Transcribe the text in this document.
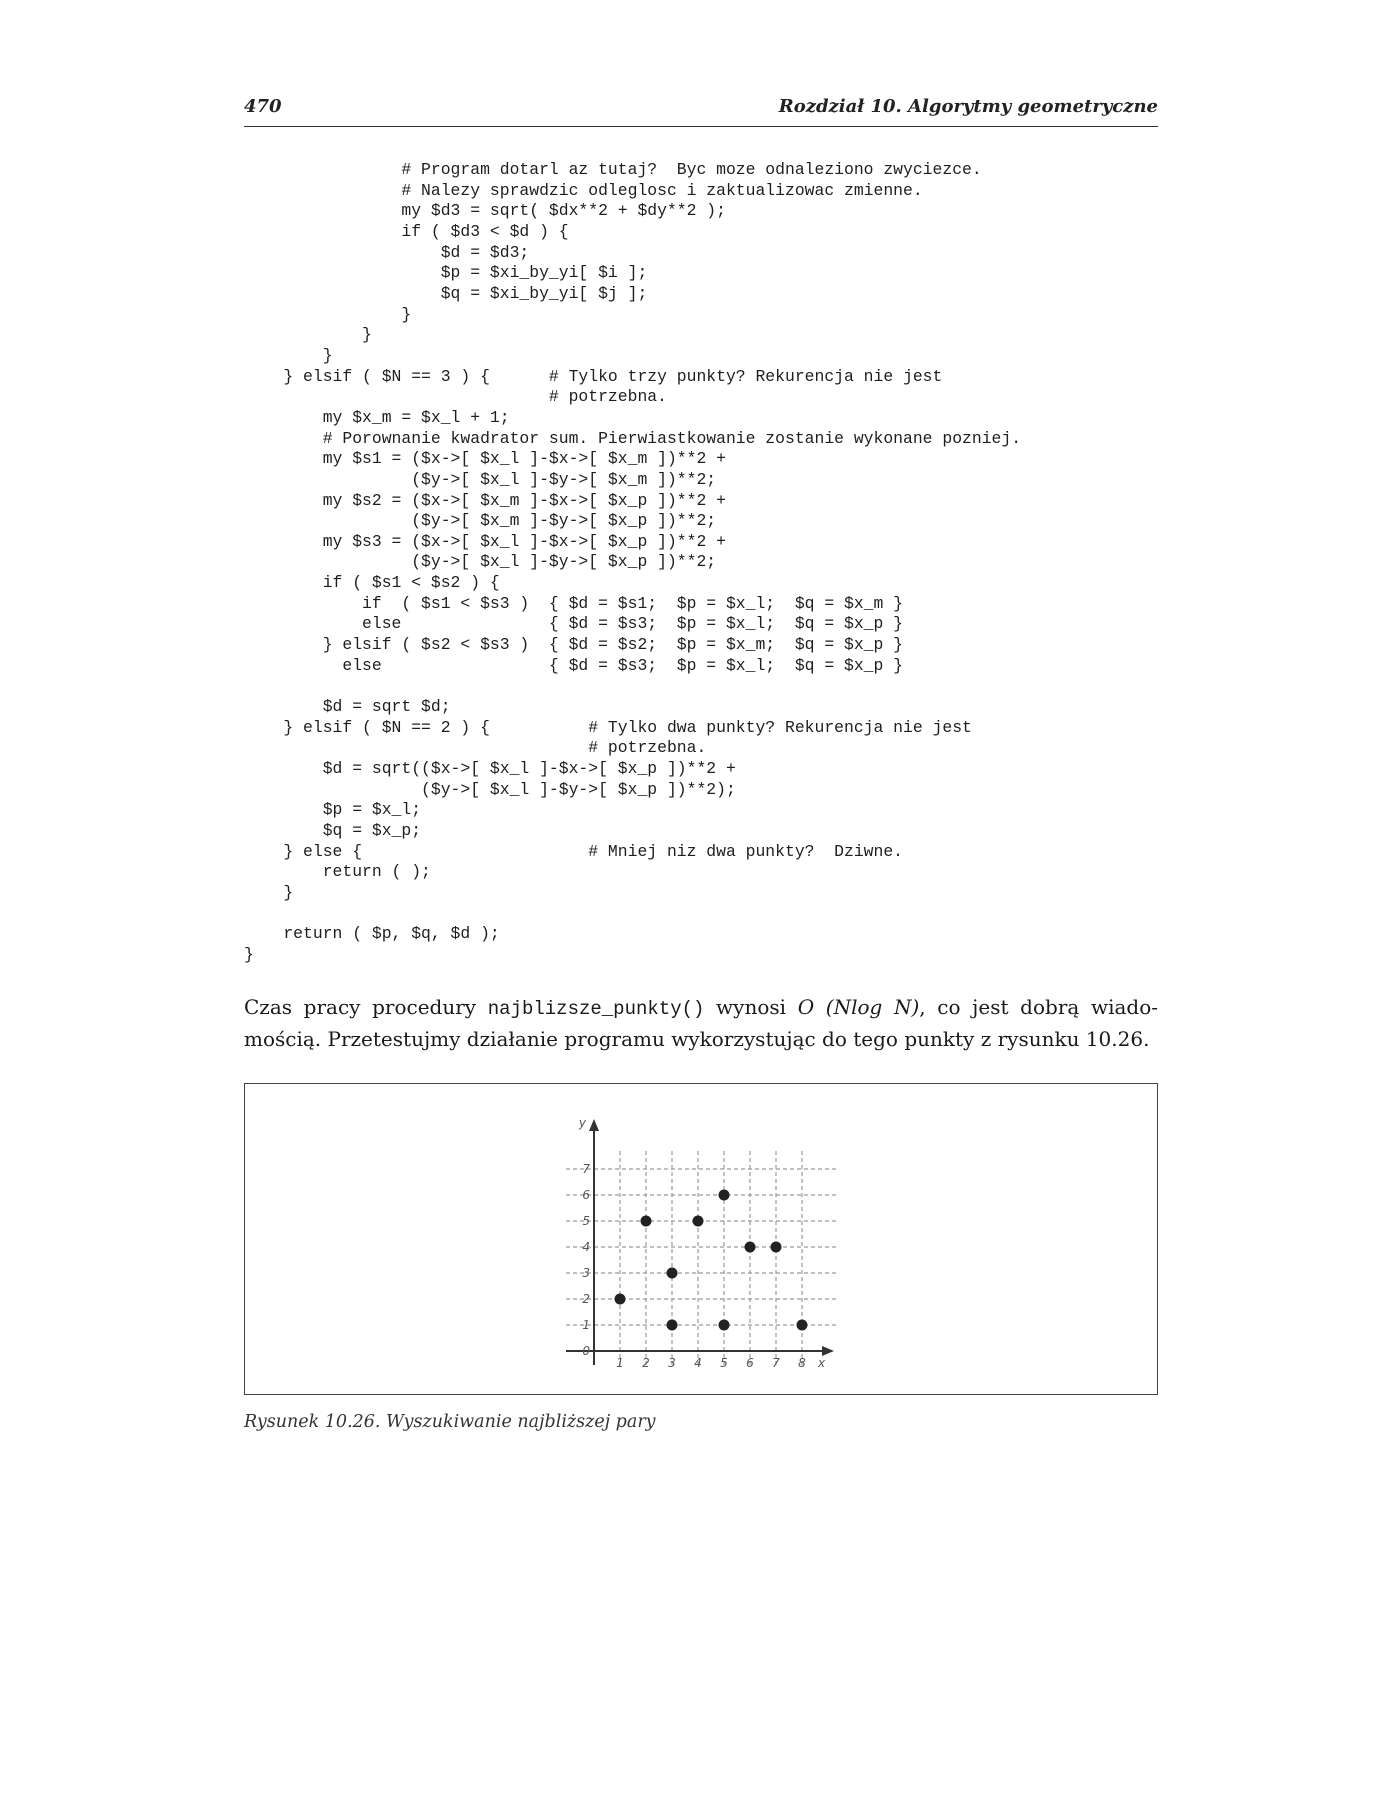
470	Rozdział 10. Algorytmy geometryczne
# Program dotarl az tutaj?  Byc moze odnaleziono zwyciezce.
# Nalezy sprawdzic odleglosc i zaktualizowac zmienne.
my $d3 = sqrt( $dx**2 + $dy**2 );
if ( $d3 < $d ) {
$d = $d3;
$p = $xi_by_yi[ $i ];
$q = $xi_by_yi[ $j ];
}
}
}
} elsif ( $N == 3 ) {      # Tylko trzy punkty? Rekurencja nie jest
# potrzebna.
my $x_m = $x_l + 1;
# Porownanie kwadrator sum. Pierwiastkowanie zostanie wykonane pozniej.
my $s1 = ($x->[ $x_l ]-$x->[ $x_m ])**2 +
($y->[ $x_l ]-$y->[ $x_m ])**2;
my $s2 = ($x->[ $x_m ]-$x->[ $x_p ])**2 +
($y->[ $x_m ]-$y->[ $x_p ])**2;
my $s3 = ($x->[ $x_l ]-$x->[ $x_p ])**2 +
($y->[ $x_l ]-$y->[ $x_p ])**2;
if ( $s1 < $s2 ) {
if  ( $s1 < $s3 )  { $d = $s1;  $p = $x_l;  $q = $x_m }
else               { $d = $s3;  $p = $x_l;  $q = $x_p }
} elsif ( $s2 < $s3 )  { $d = $s2;  $p = $x_m;  $q = $x_p }
else                 { $d = $s3;  $p = $x_l;  $q = $x_p }

$d = sqrt $d;
} elsif ( $N == 2 ) {          # Tylko dwa punkty? Rekurencja nie jest
# potrzebna.
$d = sqrt(($x->[ $x_l ]-$x->[ $x_p ])**2 +
($y->[ $x_l ]-$y->[ $x_p ])**2);
$p = $x_l;
$q = $x_p;
} else {                       # Mniej niz dwa punkty?  Dziwne.
return ( );
}

return ( $p, $q, $d );
}

Czas pracy procedury najblizsze_punkty() wynosi O (Nlog N), co jest dobrą wiadomością. Przetestujmy działanie programu wykorzystując do tego punkty z rysunku 10.26.

0
1
2
3
4
5
6
7
1 2 3 4 5 6 7 8 x
y
Rysunek 10.26. Wyszukiwanie najbliższej pary
